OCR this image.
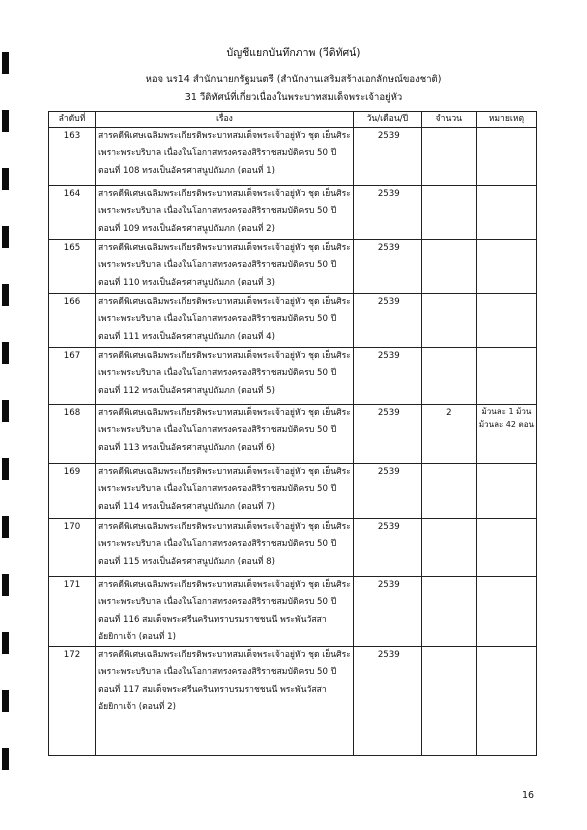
บัญชีแยกบันทึกภาพ (วีดิทัศน์)
หอจ นร14 สำนักนายกรัฐมนตรี (สำนักงานเสริมสร้างเอกลักษณ์ของชาติ)
31 วีดิทัศน์ที่เกี่ยวเนื่องในพระบาทสมเด็จพระเจ้าอยู่หัว
ลำดับที่	เรื่อง	วัน/เดือน/ปี	จำนวน	หมายเหตุ
163	สารคดีพิเศษเฉลิมพระเกียรติพระบาทสมเด็จพระเจ้าอยู่หัว ชุด เย็นศิระ
เพราะพระบริบาล เนื่องในโอกาสทรงครองสิริราชสมบัติครบ 50 ปี
ตอนที่ 108 ทรงเป็นอัครศาสนูปถัมภก (ตอนที่ 1)	2539		

164	สารคดีพิเศษเฉลิมพระเกียรติพระบาทสมเด็จพระเจ้าอยู่หัว ชุด เย็นศิระ
เพราะพระบริบาล เนื่องในโอกาสทรงครองสิริราชสมบัติครบ 50 ปี
ตอนที่ 109 ทรงเป็นอัครศาสนูปถัมภก (ตอนที่ 2)	2539		

165	สารคดีพิเศษเฉลิมพระเกียรติพระบาทสมเด็จพระเจ้าอยู่หัว ชุด เย็นศิระ
เพราะพระบริบาล เนื่องในโอกาสทรงครองสิริราชสมบัติครบ 50 ปี
ตอนที่ 110 ทรงเป็นอัครศาสนูปถัมภก (ตอนที่ 3)	2539		

166	สารคดีพิเศษเฉลิมพระเกียรติพระบาทสมเด็จพระเจ้าอยู่หัว ชุด เย็นศิระ
เพราะพระบริบาล เนื่องในโอกาสทรงครองสิริราชสมบัติครบ 50 ปี
ตอนที่ 111 ทรงเป็นอัครศาสนูปถัมภก (ตอนที่ 4)	2539		

167	สารคดีพิเศษเฉลิมพระเกียรติพระบาทสมเด็จพระเจ้าอยู่หัว ชุด เย็นศิระ
เพราะพระบริบาล เนื่องในโอกาสทรงครองสิริราชสมบัติครบ 50 ปี
ตอนที่ 112 ทรงเป็นอัครศาสนูปถัมภก (ตอนที่ 5)	2539		

168	สารคดีพิเศษเฉลิมพระเกียรติพระบาทสมเด็จพระเจ้าอยู่หัว ชุด เย็นศิระ
เพราะพระบริบาล เนื่องในโอกาสทรงครองสิริราชสมบัติครบ 50 ปี
ตอนที่ 113 ทรงเป็นอัครศาสนูปถัมภก (ตอนที่ 6)	2539	2	ม้วนละ 1 ม้วน
ม้วนละ 42 ตอน

169	สารคดีพิเศษเฉลิมพระเกียรติพระบาทสมเด็จพระเจ้าอยู่หัว ชุด เย็นศิระ
เพราะพระบริบาล เนื่องในโอกาสทรงครองสิริราชสมบัติครบ 50 ปี
ตอนที่ 114 ทรงเป็นอัครศาสนูปถัมภก (ตอนที่ 7)	2539		

170	สารคดีพิเศษเฉลิมพระเกียรติพระบาทสมเด็จพระเจ้าอยู่หัว ชุด เย็นศิระ
เพราะพระบริบาล เนื่องในโอกาสทรงครองสิริราชสมบัติครบ 50 ปี
ตอนที่ 115 ทรงเป็นอัครศาสนูปถัมภก (ตอนที่ 8)	2539		

171	สารคดีพิเศษเฉลิมพระเกียรติพระบาทสมเด็จพระเจ้าอยู่หัว ชุด เย็นศิระ
เพราะพระบริบาล เนื่องในโอกาสทรงครองสิริราชสมบัติครบ 50 ปี
ตอนที่ 116 สมเด็จพระศรีนครินทราบรมราชชนนี พระพันวัสสา
อัยยิกาเจ้า (ตอนที่ 1)	2539		

172	สารคดีพิเศษเฉลิมพระเกียรติพระบาทสมเด็จพระเจ้าอยู่หัว ชุด เย็นศิระ
เพราะพระบริบาล เนื่องในโอกาสทรงครองสิริราชสมบัติครบ 50 ปี
ตอนที่ 117 สมเด็จพระศรีนครินทราบรมราชชนนี พระพันวัสสา
อัยยิกาเจ้า (ตอนที่ 2)	2539		

16
